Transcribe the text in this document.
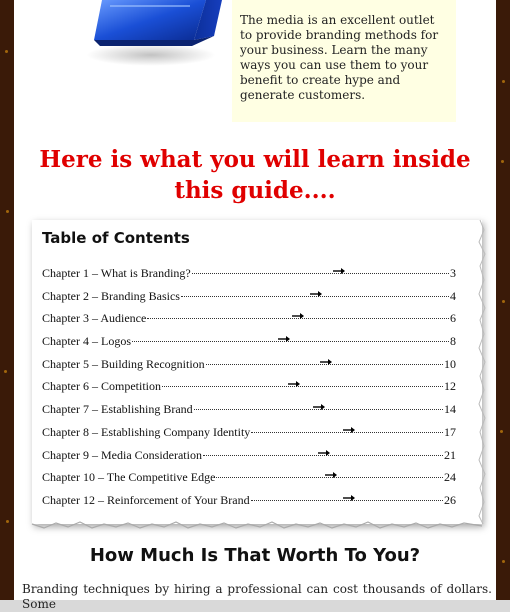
The media is an excellent outlet to provide branding methods for your business. Learn the many ways you can use them to your benefit to create hype and generate customers.

Here is what you will learn inside this guide....
Table of Contents
Chapter 1 – What is Branding?	3
Chapter 2 – Branding Basics	4
Chapter 3 – Audience	6
Chapter 4 – Logos	8
Chapter 5 – Building Recognition	10
Chapter 6 – Competition	12
Chapter 7 – Establishing Brand	14
Chapter 8 – Establishing Company Identity	17
Chapter 9 – Media Consideration	21
Chapter 10 – The Competitive Edge	24
Chapter 12 – Reinforcement of Your Brand	26
How Much Is That Worth To You?

Branding techniques by hiring a professional can cost thousands of dollars. Some
